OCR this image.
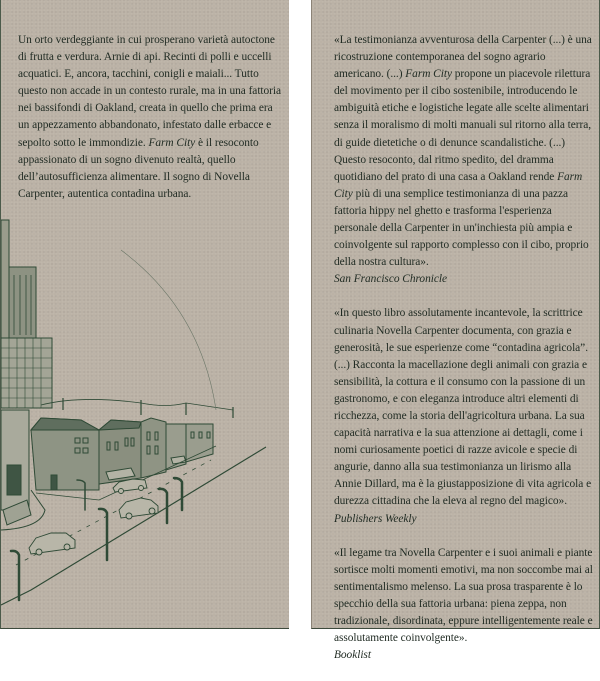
Un orto verdeggiante in cui prosperano varietà autoctone di frutta e verdura. Arnie di api. Recinti di polli e uccelli acquatici. E, ancora, tacchini, conigli e maiali... Tutto questo non accade in un contesto rurale, ma in una fattoria nei bassifondi di Oakland, creata in quello che prima era un appezzamento abbandonato, infestato dalle erbacce e sepolto sotto le immondizie. Farm City è il resoconto appassionato di un sogno divenuto realtà, quello dell’autosufficienza alimentare. Il sogno di Novella Carpenter, autentica contadina urbana.

«La testimonianza avventurosa della Carpenter (...) è una ricostruzione contemporanea del sogno agrario americano. (...) Farm City propone un piacevole rilettura del movimento per il cibo sostenibile, introducendo le ambiguità etiche e logistiche legate alle scelte alimentari senza il moralismo di molti manuali sul ritorno alla terra, di guide dietetiche o di denunce scandalistiche. (...) Questo resoconto, dal ritmo spedito, del dramma quotidiano del prato di una casa a Oakland rende Farm City più di una semplice testimonianza di una pazza fattoria hippy nel ghetto e trasforma l'esperienza personale della Carpenter in un'inchiesta più ampia e coinvolgente sul rapporto complesso con il cibo, proprio della nostra cultura».
San Francisco Chronicle
«In questo libro assolutamente incantevole, la scrittrice culinaria Novella Carpenter documenta, con grazia e generosità, le sue esperienze come “contadina agricola”. (...) Racconta la macellazione degli animali con grazia e sensibilità, la cottura e il consumo con la passione di un gastronomo, e con eleganza introduce altri elementi di ricchezza, come la storia dell'agricoltura urbana. La sua capacità narrativa e la sua attenzione ai dettagli, come i nomi curiosamente poetici di razze avicole e specie di angurie, danno alla sua testimonianza un lirismo alla Annie Dillard, ma è la giustapposizione di vita agricola e durezza cittadina che la eleva al regno del magico».
Publishers Weekly
«Il legame tra Novella Carpenter e i suoi animali e piante sortisce molti momenti emotivi, ma non soccombe mai al sentimentalismo melenso. La sua prosa trasparente è lo specchio della sua fattoria urbana: piena zeppa, non tradizionale, disordinata, eppure intelligentemente reale e assolutamente coinvolgente».
Booklist
